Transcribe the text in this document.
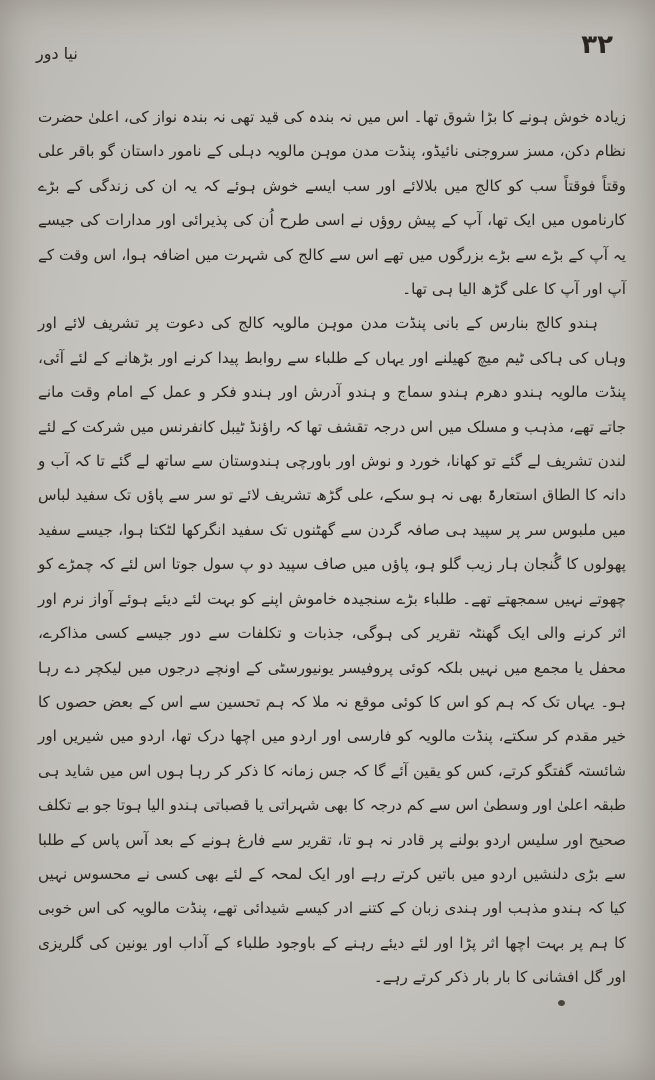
۳۲
نیا دور

زیادہ خوش ہونے کا بڑا شوق تھا۔ اس میں نہ بندہ کی قید تھی نہ بندہ نواز کی، اعلیٰ حضرت نظام دکن، مسز سروجنی نائیڈو، پنڈت مدن موہن مالویہ دہلی کے نامور داستان گو باقر علی وقتاً فوقتاً سب کو کالج میں بلالائے اور سب ایسے خوش ہوئے کہ یہ ان کی زندگی کے بڑے کارناموں میں ایک تھا، آپ کے پیش روؤں نے اسی طرح اُن کی پذیرائی اور مدارات کی جیسے یہ آپ کے بڑے سے بڑے بزرگوں میں تھے اس سے کالج کی شہرت میں اضافہ ہوا، اس وقت کے آپ اور آپ کا علی گڑھ الیا ہی تھا۔

ہندو کالج بنارس کے بانی پنڈت مدن موہن مالویہ کالج کی دعوت پر تشریف لائے اور وہاں کی ہاکی ٹیم میچ کھیلنے اور یہاں کے طلباء سے روابط پیدا کرنے اور بڑھانے کے لئے آئی، پنڈت مالویہ ہندو دھرم ہندو سماج و ہندو آدرش اور ہندو فکر و عمل کے امام وقت مانے جاتے تھے، مذہب و مسلک میں اس درجہ تقشف تھا کہ راؤنڈ ٹیبل کانفرنس میں شرکت کے لئے لندن تشریف لے گئے تو کھانا، خورد و نوش اور باورچی ہندوستان سے ساتھ لے گئے تا کہ آب و دانہ کا الطاق استعارۃً بھی نہ ہو سکے، علی گڑھ تشریف لائے تو سر سے پاؤں تک سفید لباس میں ملبوس سر پر سپید ہی صافہ گردن سے گھٹنوں تک سفید انگرکھا لٹکتا ہوا، جیسے سفید پھولوں کا گُنجان ہار زیب گلو ہو، پاؤں میں صاف سپید دو پ سول جوتا اس لئے کہ چمڑے کو چھوتے نہیں سمجھتے تھے۔ طلباء بڑے سنجیدہ خاموش اپنے کو بہت لئے دیئے ہوئے آواز نرم اور اثر کرنے والی ایک گھنٹہ تقریر کی ہوگی، جذبات و تکلفات سے دور جیسے کسی مذاکرے، محفل یا مجمع میں نہیں بلکہ کوئی پروفیسر یونیورسٹی کے اونچے درجوں میں لیکچر دے رہا ہو۔ یہاں تک کہ ہم کو اس کا کوئی موقع نہ ملا کہ ہم تحسین سے اس کے بعض حصوں کا خیر مقدم کر سکتے، پنڈت مالویہ کو فارسی اور اردو میں اچھا درک تھا، اردو میں شیریں اور شائستہ گفتگو کرتے، کس کو یقین آئے گا کہ جس زمانہ کا ذکر کر رہا ہوں اس میں شاید ہی طبقہ اعلیٰ اور وسطیٰ اس سے کم درجہ کا بھی شہراتی یا قصباتی ہندو الیا ہوتا جو بے تکلف صحیح اور سلیس اردو بولنے پر قادر نہ ہو تا، تقریر سے فارغ ہونے کے بعد آس پاس کے طلبا سے بڑی دلنشیں اردو میں باتیں کرتے رہے اور ایک لمحہ کے لئے بھی کسی نے محسوس نہیں کیا کہ ہندو مذہب اور ہندی زبان کے کتنے ادر کیسے شیدائی تھے، پنڈت مالویہ کی اس خوبی کا ہم پر بہت اچھا اثر پڑا اور لئے دیئے رہنے کے باوجود طلباء کے آداب اور یونین کی گلریزی اور گل افشانی کا بار بار ذکر کرتے رہے۔
